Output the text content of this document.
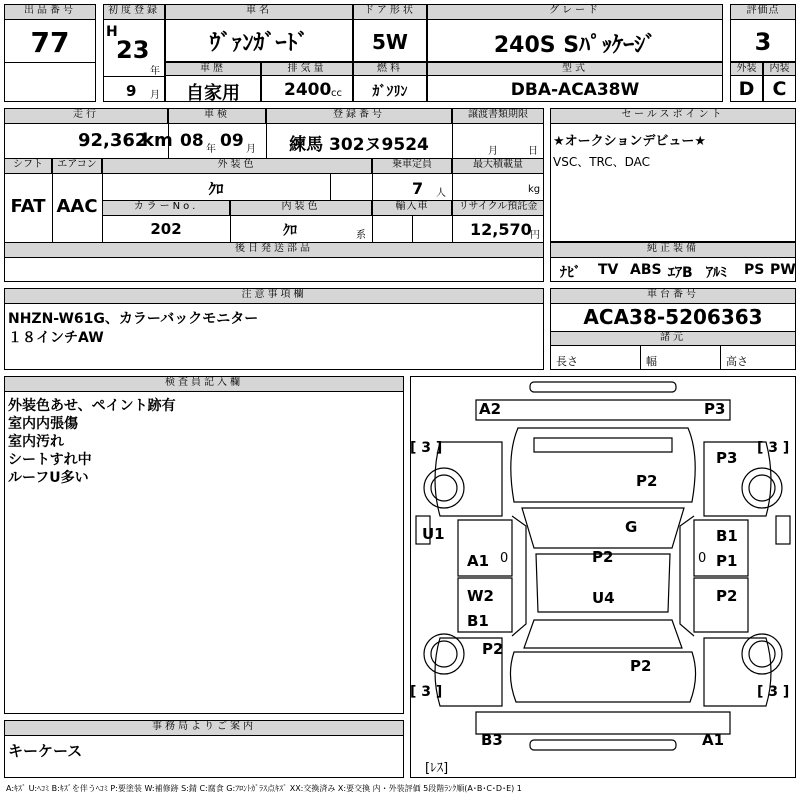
出品番号
77
初度登録
H
23
年
9 月
車名
ｳﾞｧﾝｶﾞｰﾄﾞ
ドア形状
5W
グレード
240S Sﾊﾟｯｹｰｼﾞ
評価点
3
車歴
自家用
排気量
2400 cc
燃料
ｶﾞｿﾘﾝ
型式
DBA-ACA38W
外装
D
内装
C
走行
92,362
km
車検
08 年 09 月
登録番号
練馬 302ヌ9524
譲渡書類期限
月	日
シフト
FAT
エアコン
AAC
外装色
ｸﾛ
乗車定員
7 人
最大積載量
kg
カラーNo.
202
内装色
ｸﾛ	系
輸入車	リサイクル預託金
12,570
円
後日発送部品
セールスポイント
★オークションデビュー★
VSC、TRC、DAC
純正装備
ﾅﾋﾞ TV ABS ｴｱB ｱﾙﾐ PS PW
注意事項欄
NHZN-W61G、カラーバックモニター
１８インチAW
車台番号
ACA38-5206363
諸元
長さ	幅	高さ
検査員記入欄
外装色あせ、ペイント跡有
室内内張傷
室内汚れ
シートすれ中
ルーフU多い
事務局よりご案内
キーケース
A2	P3
[ 3 ]	[ 3 ]
P3
P2
U1	G	B1
A1 0	P2	0 P1
W2	U4	P2
B1
P2
P2
[ 3 ]	[ 3 ]
B3	A1
[ﾚｽ]
A:ｷｽﾞ U:ﾍｺﾐ B:ｷｽﾞを伴うﾍｺﾐ P:要塗装 W:補修跡 S:錆 C:腐食 G:ﾌﾛﾝﾄｶﾞﾗｽ点ｷｽﾞ XX:交換済み X:要交換 内・外装評価 5段階ﾗﾝｸ順(A･B･C･D･E) 1
